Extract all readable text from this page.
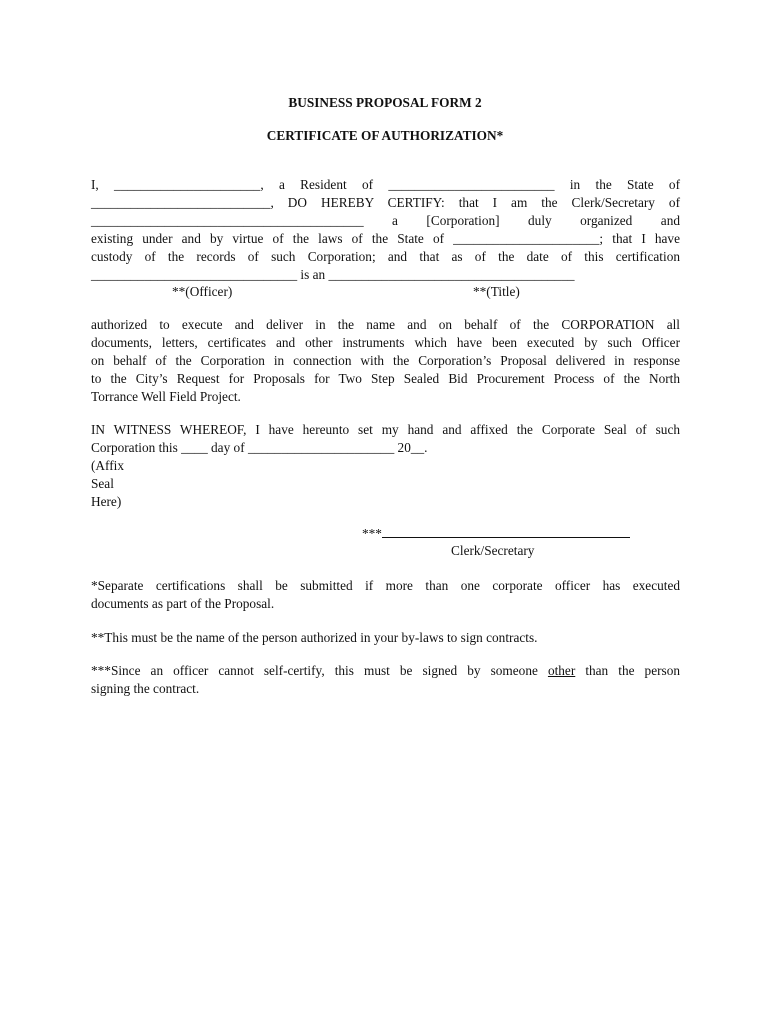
BUSINESS PROPOSAL FORM 2
CERTIFICATE OF AUTHORIZATION*
I, ______________________, a Resident of _________________________ in the State of
___________________________, DO HEREBY CERTIFY: that I am the Clerk/Secretary of
_________________________________________ a [Corporation] duly organized and
existing under and by virtue of the laws of the State of ______________________; that I have
custody of the records of such Corporation; and that as of the date of this certification
_______________________________ is an _____________________________________
**(Officer)	**(Title)
authorized to execute and deliver in the name and on behalf of the CORPORATION all
documents, letters, certificates and other instruments which have been executed by such Officer
on behalf of the Corporation in connection with the Corporation’s Proposal delivered in response
to the City’s Request for Proposals for Two Step Sealed Bid Procurement Process of the North
Torrance Well Field Project.
IN WITNESS WHEREOF, I have hereunto set my hand and affixed the Corporate Seal of such
Corporation this ____ day of ______________________ 20__.
(Affix
Seal
Here)
***
Clerk/Secretary
*Separate certifications shall be submitted if more than one corporate officer has executed
documents as part of the Proposal.
**This must be the name of the person authorized in your by-laws to sign contracts.
***Since an officer cannot self-certify, this must be signed by someone other than the person
signing the contract.
